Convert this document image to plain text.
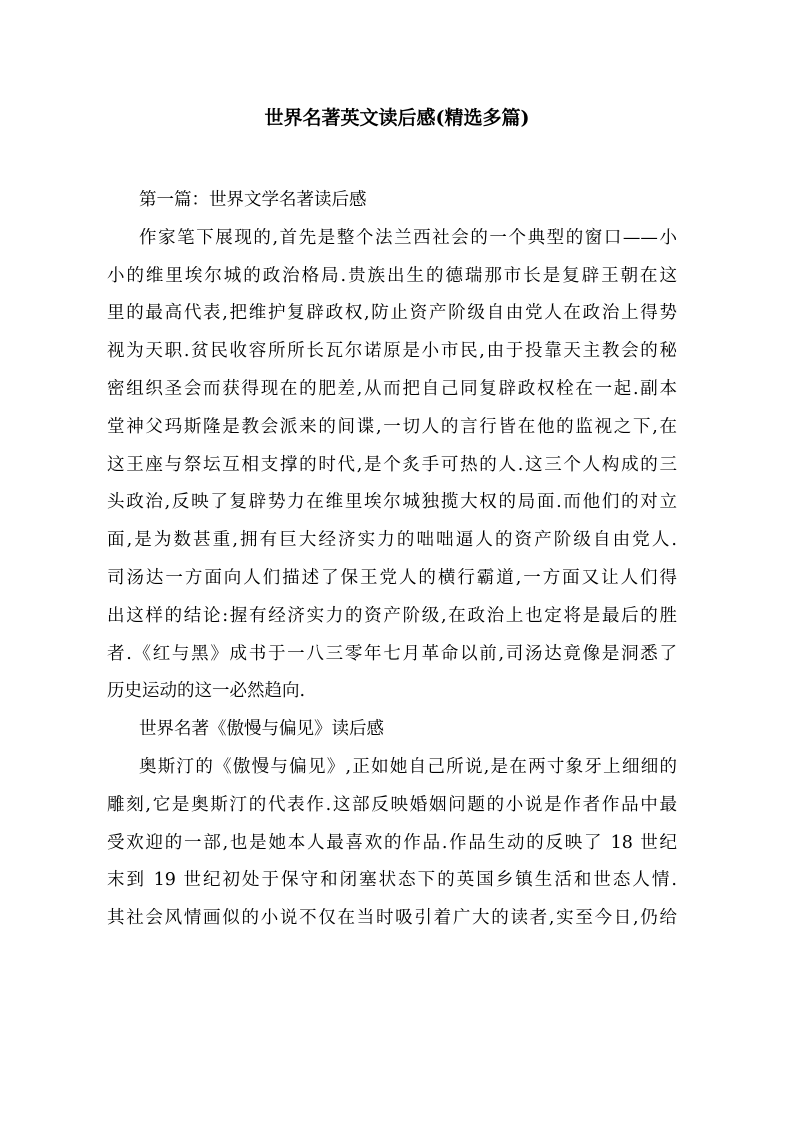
世界名著英文读后感(精选多篇)
第一篇：世界文学名著读后感
作家笔下展现的,首先是整个法兰西社会的一个典型的窗口——小
小的维里埃尔城的政治格局.贵族出生的德瑞那市长是复辟王朝在这
里的最高代表,把维护复辟政权,防止资产阶级自由党人在政治上得势
视为天职.贫民收容所所长瓦尔诺原是小市民,由于投靠天主教会的秘
密组织圣会而获得现在的肥差,从而把自己同复辟政权栓在一起.副本
堂神父玛斯隆是教会派来的间谍,一切人的言行皆在他的监视之下,在
这王座与祭坛互相支撑的时代,是个炙手可热的人.这三个人构成的三
头政治,反映了复辟势力在维里埃尔城独揽大权的局面.而他们的对立
面,是为数甚重,拥有巨大经济实力的咄咄逼人的资产阶级自由党人.
司汤达一方面向人们描述了保王党人的横行霸道,一方面又让人们得
出这样的结论:握有经济实力的资产阶级,在政治上也定将是最后的胜
者.《红与黑》成书于一八三零年七月革命以前,司汤达竟像是洞悉了
历史运动的这一必然趋向.
世界名著《傲慢与偏见》读后感
奥斯汀的《傲慢与偏见》,正如她自己所说,是在两寸象牙上细细的
雕刻,它是奥斯汀的代表作.这部反映婚姻问题的小说是作者作品中最
受欢迎的一部,也是她本人最喜欢的作品.作品生动的反映了 18 世纪
末到 19 世纪初处于保守和闭塞状态下的英国乡镇生活和世态人情.
其社会风情画似的小说不仅在当时吸引着广大的读者,实至今日,仍给
